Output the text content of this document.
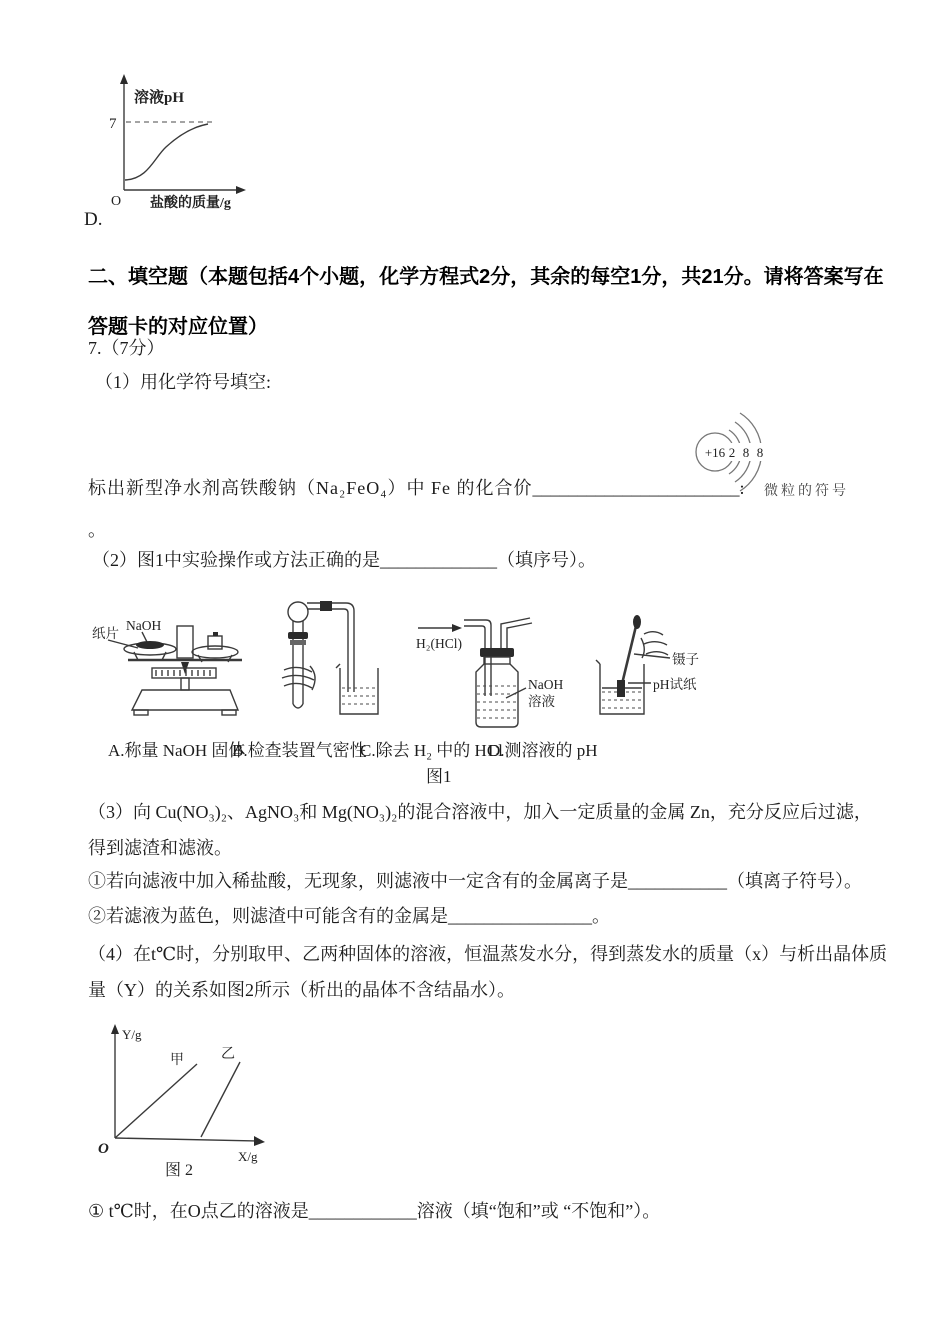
溶液pH
7
O 盐酸的质量/g
D.
二、填空题（本题包括4个小题，化学方程式2分，其余的每空1分，共21分。请将答案写在答题卡的对应位置）
7.（7分）
（1）用化学符号填空:
+16 2 8 8
标出新型净水剂高铁酸钠（Na₂FeO₄）中 Fe 的化合价_______________________: 微粒的符号
。
（2）图1中实验操作或方法正确的是_____________（填序号）。
纸片
NaOH
H₂(HCl)
NaOH
溶液
镊子
pH试纸
A.称量 NaOH 固体
B.检查装置气密性
C.除去 H₂ 中的 HCl
D.测溶液的 pH
图1
（3）向 Cu(NO₃)₂、AgNO₃和 Mg(NO₃)₂的混合溶液中，加入一定质量的金属 Zn，充分反应后过滤，得到滤渣和滤液。
①若向滤液中加入稀盐酸，无现象，则滤液中一定含有的金属离子是___________（填离子符号）。
②若滤液为蓝色，则滤渣中可能含有的金属是________________。
（4）在t℃时，分别取甲、乙两种固体的溶液，恒温蒸发水分，得到蒸发水的质量（x）与析出晶体质量（Y）的关系如图2所示（析出的晶体不含结晶水）。
Y/g
X/g
O
甲	乙
图 2
① t℃时，在O点乙的溶液是____________溶液（填“饱和”或 “不饱和”）。
